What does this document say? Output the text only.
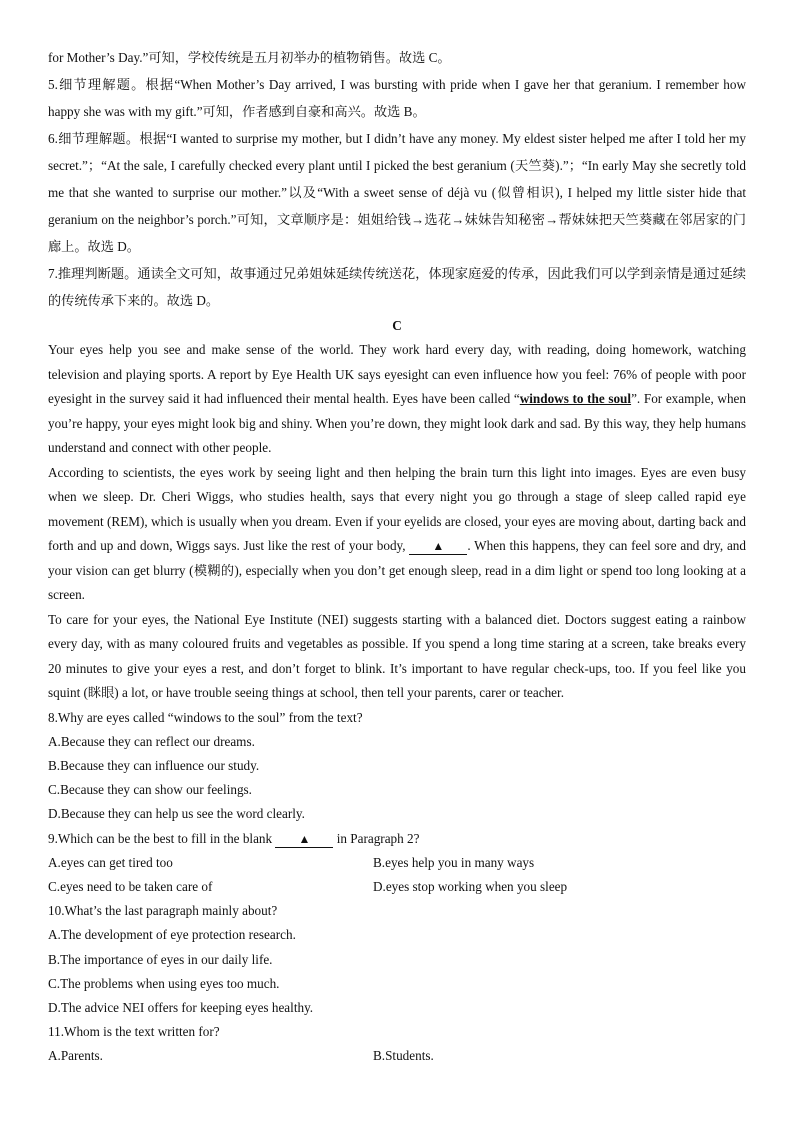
for Mother’s Day.”可知，学校传统是五月初举办的植物销售。故选 C。

5.细节理解题。根据“When Mother’s Day arrived, I was bursting with pride when I gave her that geranium. I remember how happy she was with my gift.”可知，作者感到自豪和高兴。故选 B。

6.细节理解题。根据“I wanted to surprise my mother, but I didn’t have any money. My eldest sister helped me after I told her my secret.”；“At the sale, I carefully checked every plant until I picked the best geranium (天竺葵).”；“In early May she secretly told me that she wanted to surprise our mother.”以及“With a sweet sense of déjà vu (似曾相识), I helped my little sister hide that geranium on the neighbor’s porch.”可知，文章顺序是：姐姐给钱→选花→妹妹告知秘密→帮妹妹把天竺葵藏在邻居家的门廊上。故选 D。

7.推理判断题。通读全文可知，故事通过兄弟姐妹延续传统送花，体现家庭爱的传承，因此我们可以学到亲情是通过延续的传统传承下来的。故选 D。

C

Your eyes help you see and make sense of the world. They work hard every day, with reading, doing homework, watching television and playing sports. A report by Eye Health UK says eyesight can even influence how you feel: 76% of people with poor eyesight in the survey said it had influenced their mental health. Eyes have been called “windows to the soul”. For example, when you’re happy, your eyes might look big and shiny. When you’re down, they might look dark and sad. By this way, they help humans understand and connect with other people.

According to scientists, the eyes work by seeing light and then helping the brain turn this light into images. Eyes are even busy when we sleep. Dr. Cheri Wiggs, who studies health, says that every night you go through a stage of sleep called rapid eye movement (REM), which is usually when you dream. Even if your eyelids are closed, your eyes are moving about, darting back and forth and up and down, Wiggs says. Just like the rest of your body, ▲ . When this happens, they can feel sore and dry, and your vision can get blurry (模糊的), especially when you don’t get enough sleep, read in a dim light or spend too long looking at a screen.

To care for your eyes, the National Eye Institute (NEI) suggests starting with a balanced diet. Doctors suggest eating a rainbow every day, with as many coloured fruits and vegetables as possible. If you spend a long time staring at a screen, take breaks every 20 minutes to give your eyes a rest, and don’t forget to blink. It’s important to have regular check-ups, too. If you feel like you squint (眯眼) a lot, or have trouble seeing things at school, then tell your parents, carer or teacher.

8.Why are eyes called “windows to the soul” from the text?

A.Because they can reflect our dreams.

B.Because they can influence our study.

C.Because they can show our feelings.

D.Because they can help us see the word clearly.

9.Which can be the best to fill in the blank ▲ in Paragraph 2?

A.eyes can get tired too	B.eyes help you in many ways
C.eyes need to be taken care of	D.eyes stop working when you sleep

10.What’s the last paragraph mainly about?

A.The development of eye protection research.

B.The importance of eyes in our daily life.

C.The problems when using eyes too much.

D.The advice NEI offers for keeping eyes healthy.

11.Whom is the text written for?

A.Parents.	B.Students.
